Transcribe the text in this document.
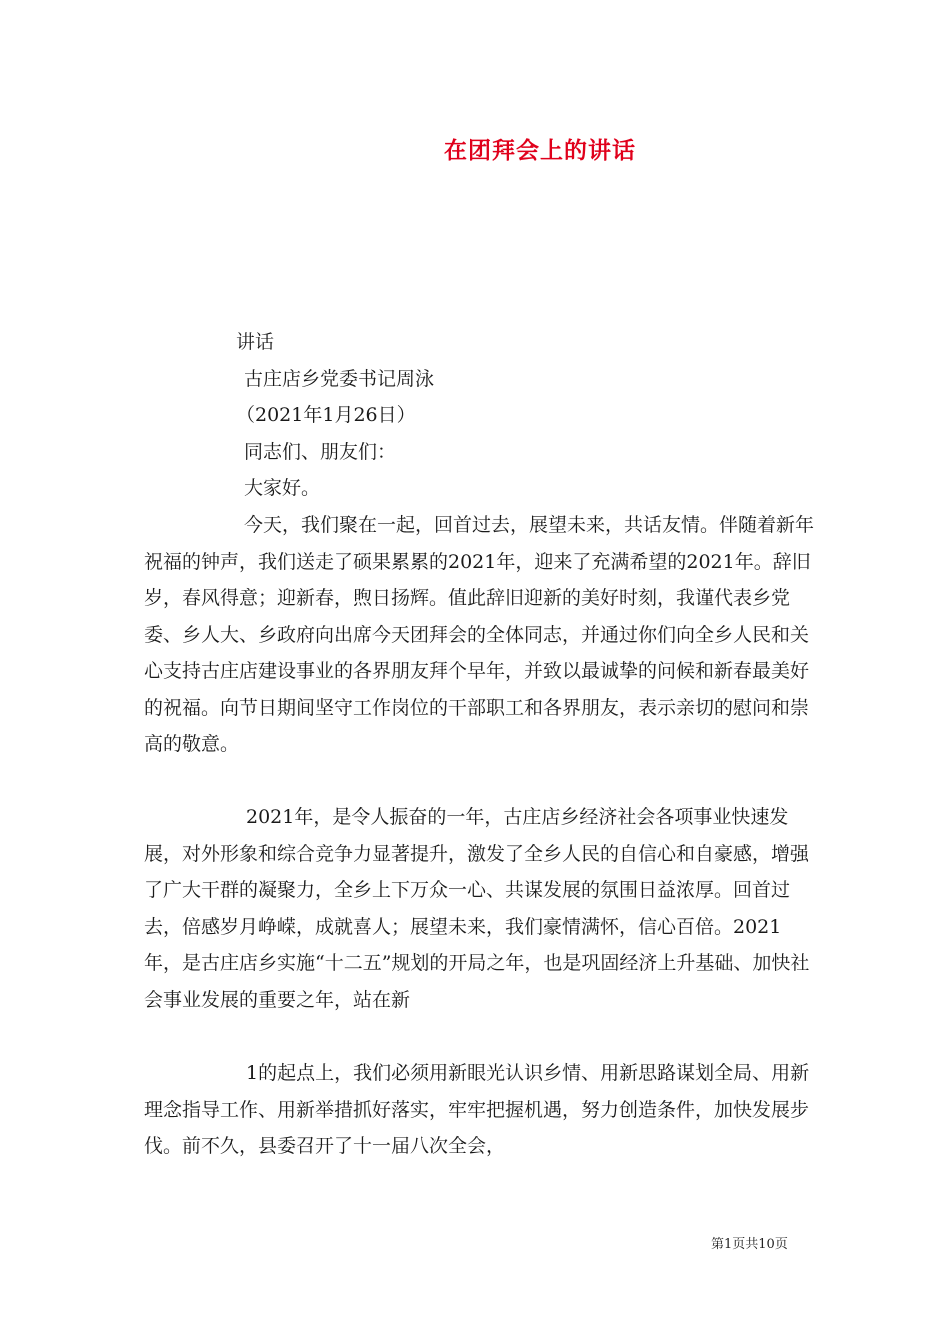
在团拜会上的讲话
讲话
古庄店乡党委书记周泳
（2021年1月26日）
同志们、朋友们：
大家好。

今天，我们聚在一起，回首过去，展望未来，共话友情。伴随着新年祝福的钟声，我们送走了硕果累累的2021年，迎来了充满希望的2021年。辞旧岁，春风得意；迎新春，煦日扬辉。值此辞旧迎新的美好时刻，我谨代表乡党委、乡人大、乡政府向出席今天团拜会的全体同志，并通过你们向全乡人民和关心支持古庄店建设事业的各界朋友拜个早年，并致以最诚挚的问候和新春最美好的祝福。向节日期间坚守工作岗位的干部职工和各界朋友，表示亲切的慰问和崇高的敬意。

2021年，是令人振奋的一年，古庄店乡经济社会各项事业快速发展，对外形象和综合竞争力显著提升，激发了全乡人民的自信心和自豪感，增强了广大干群的凝聚力，全乡上下万众一心、共谋发展的氛围日益浓厚。回首过去，倍感岁月峥嵘，成就喜人；展望未来，我们豪情满怀，信心百倍。2021年，是古庄店乡实施“十二五”规划的开局之年，也是巩固经济上升基础、加快社会事业发展的重要之年，站在新

1的起点上，我们必须用新眼光认识乡情、用新思路谋划全局、用新理念指导工作、用新举措抓好落实，牢牢把握机遇，努力创造条件，加快发展步伐。前不久，县委召开了十一届八次全会，

第1页共10页
